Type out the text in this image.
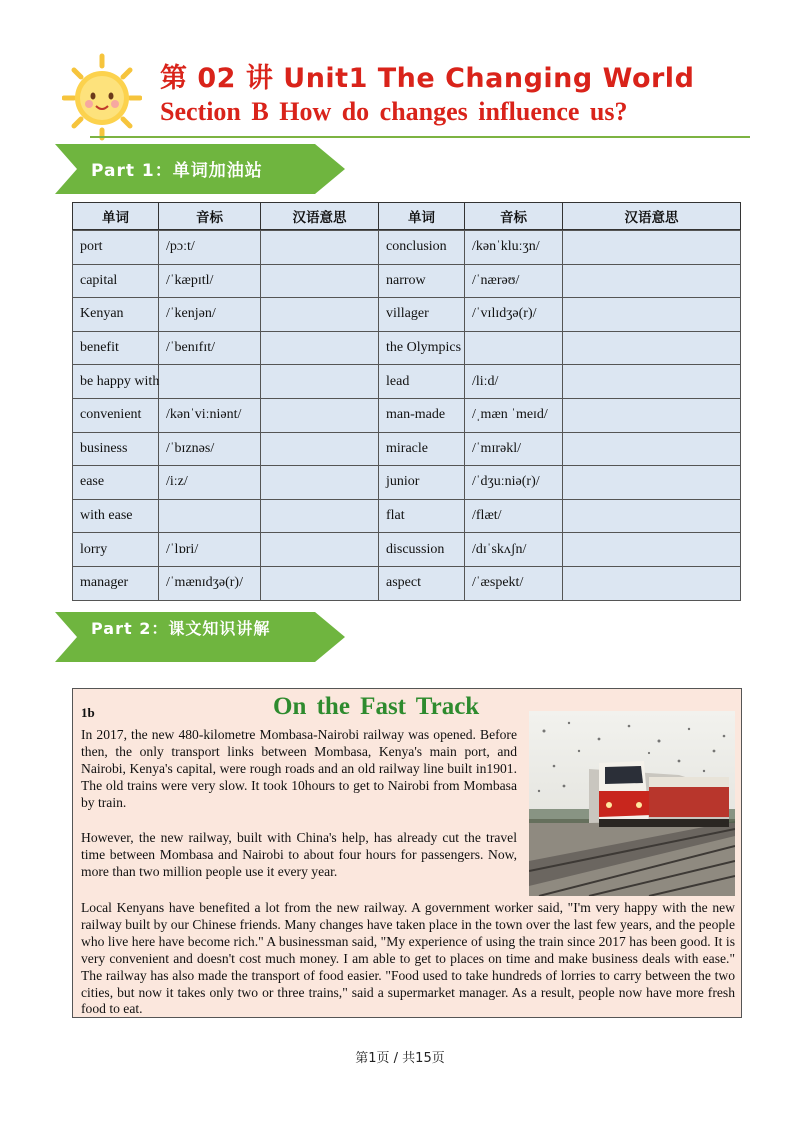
第 02 讲 Unit1 The Changing World
Section B How do changes influence us?
Part 1：单词加油站
单词	音标	汉语意思	单词	音标	汉语意思

port	/pɔːt/		conclusion	/kənˈkluːʒn/	
capital	/ˈkæpɪtl/		narrow	/ˈnærəʊ/	
Kenyan	/ˈkenjən/		villager	/ˈvɪlɪdʒə(r)/	
benefit	/ˈbenɪfɪt/		the Olympics		
be happy with			lead	/liːd/	
convenient	/kənˈviːniənt/		man-made	/ˌmæn ˈmeɪd/	
business	/ˈbɪznəs/		miracle	/ˈmɪrəkl/	
ease	/iːz/		junior	/ˈdʒuːniə(r)/	
with ease			flat	/flæt/	
lorry	/ˈlɒri/		discussion	/dɪˈskʌʃn/	
manager	/ˈmænɪdʒə(r)/		aspect	/ˈæspekt/	
Part 2：课文知识讲解
1b	On the Fast Track

In 2017, the new 480-kilometre Mombasa-Nairobi railway was opened. Before then, the only transport links between Mombasa, Kenya's main port, and Nairobi, Kenya's capital, were rough roads and an old railway line built in1901. The old trains were very slow. It took 10hours to get to Nairobi from Mombasa by train.

However, the new railway, built with China's help, has already cut the travel time between Mombasa and Nairobi to about four hours for passengers. Now, more than two million people use it every year.

Local Kenyans have benefited a lot from the new railway. A government worker said, "I'm very happy with the new railway built by our Chinese friends. Many changes have taken place in the town over the last few years, and the people who live here have become rich." A businessman said, "My experience of using the train since 2017 has been good. It is very convenient and doesn't cost much money. I am able to get to places on time and make business deals with ease." The railway has also made the transport of food easier. "Food used to take hundreds of lorries to carry between the two cities, but now it takes only two or three trains," said a supermarket manager. As a result, people now have more fresh food to eat.

第1页 / 共15页
